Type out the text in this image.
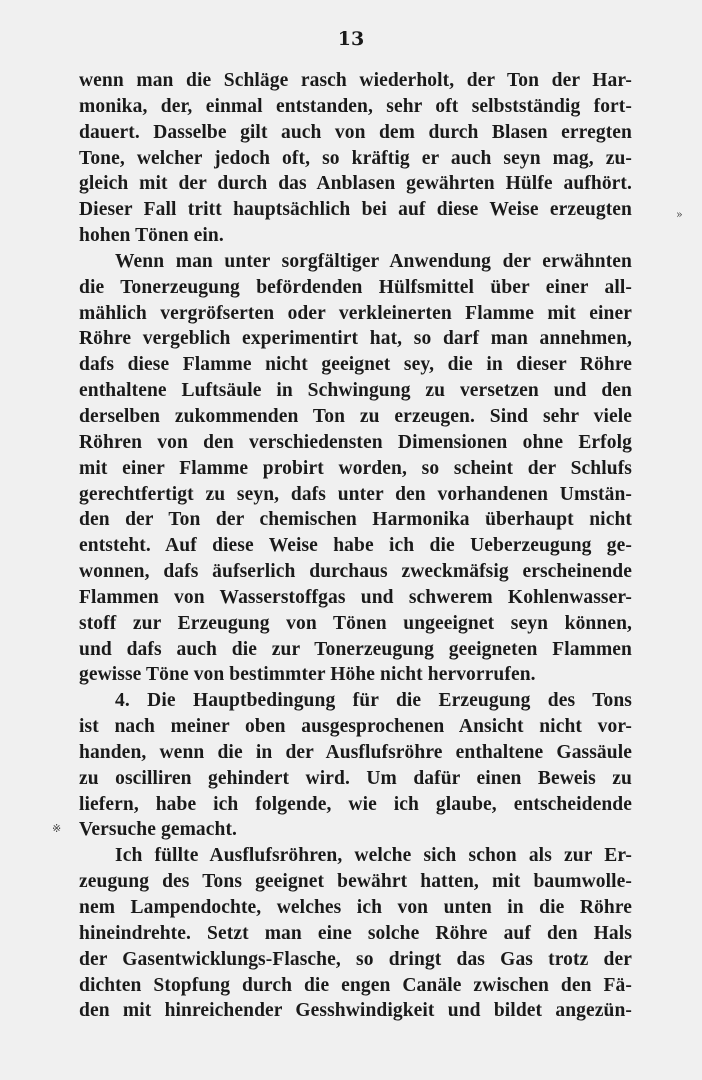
13
wenn man die Schläge rasch wiederholt, der Ton der Har-
monika, der, einmal entstanden, sehr oft selbstständig fort-
dauert. Dasselbe gilt auch von dem durch Blasen erregten
Tone, welcher jedoch oft, so kräftig er auch seyn mag, zu-
gleich mit der durch das Anblasen gewährten Hülfe aufhört.
Dieser Fall tritt hauptsächlich bei auf diese Weise erzeugten
hohen Tönen ein.
Wenn man unter sorgfältiger Anwendung der erwähnten
die Tonerzeugung befördenden Hülfsmittel über einer all-
mählich vergröfserten oder verkleinerten Flamme mit einer
Röhre vergeblich experimentirt hat, so darf man annehmen,
dafs diese Flamme nicht geeignet sey, die in dieser Röhre
enthaltene Luftsäule in Schwingung zu versetzen und den
derselben zukommenden Ton zu erzeugen. Sind sehr viele
Röhren von den verschiedensten Dimensionen ohne Erfolg
mit einer Flamme probirt worden, so scheint der Schlufs
gerechtfertigt zu seyn, dafs unter den vorhandenen Umstän-
den der Ton der chemischen Harmonika überhaupt nicht
entsteht. Auf diese Weise habe ich die Ueberzeugung ge-
wonnen, dafs äufserlich durchaus zweckmäfsig erscheinende
Flammen von Wasserstoffgas und schwerem Kohlenwasser-
stoff zur Erzeugung von Tönen ungeeignet seyn können,
und dafs auch die zur Tonerzeugung geeigneten Flammen
gewisse Töne von bestimmter Höhe nicht hervorrufen.
4. Die Hauptbedingung für die Erzeugung des Tons
ist nach meiner oben ausgesprochenen Ansicht nicht vor-
handen, wenn die in der Ausflufsröhre enthaltene Gassäule
zu oscilliren gehindert wird. Um dafür einen Beweis zu
liefern, habe ich folgende, wie ich glaube, entscheidende
Versuche gemacht.
Ich füllte Ausflufsröhren, welche sich schon als zur Er-
zeugung des Tons geeignet bewährt hatten, mit baumwolle-
nem Lampendochte, welches ich von unten in die Röhre
hineindrehte. Setzt man eine solche Röhre auf den Hals
der Gasentwicklungs-Flasche, so dringt das Gas trotz der
dichten Stopfung durch die engen Canäle zwischen den Fä-
den mit hinreichender Gesshwindigkeit und bildet angezün-
※
»
